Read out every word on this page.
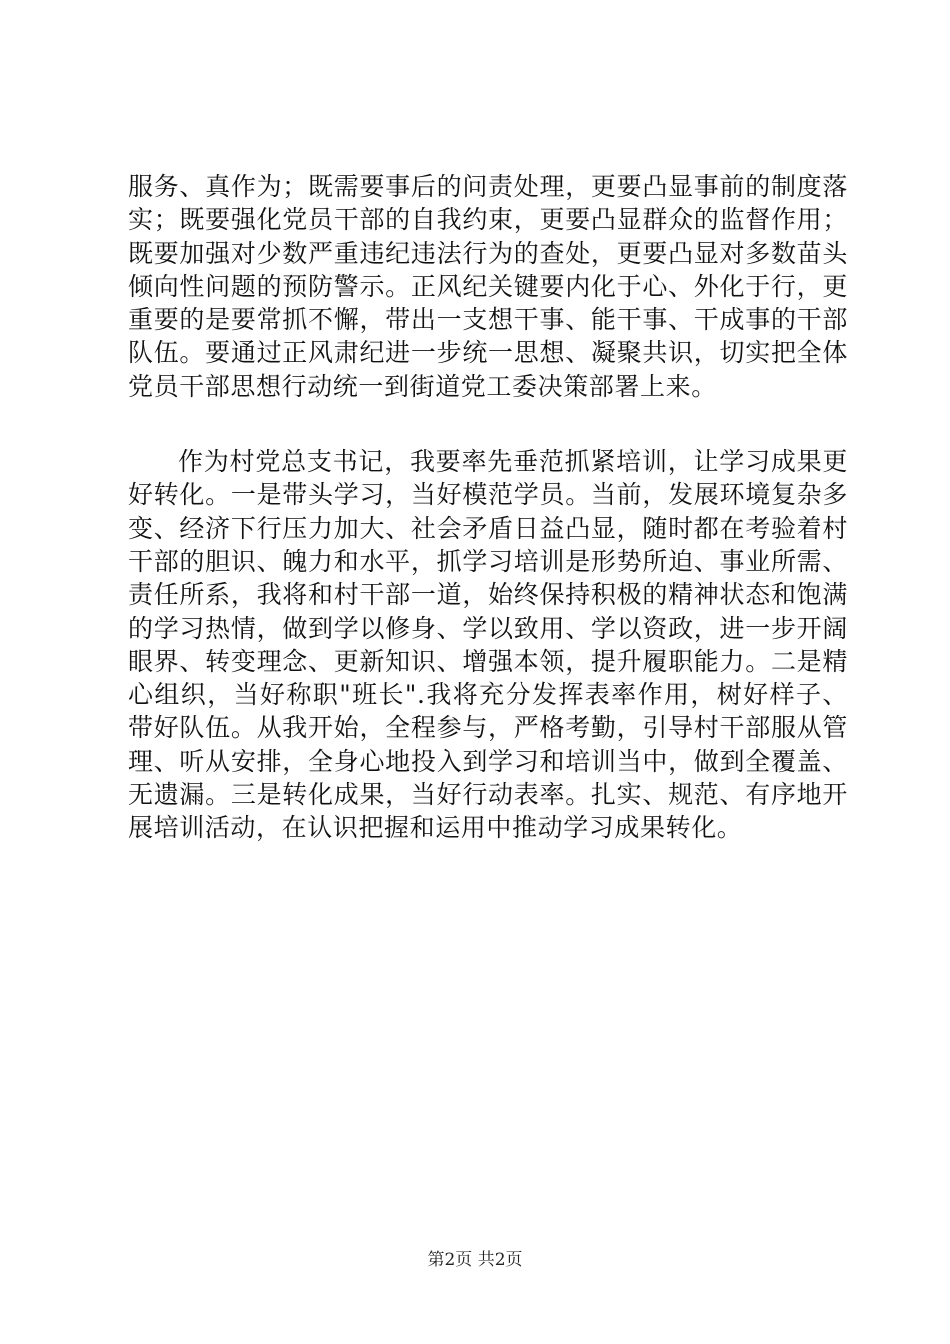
服务、真作为；既需要事后的问责处理，更要凸显事前的制度落实；既要强化党员干部的自我约束，更要凸显群众的监督作用；既要加强对少数严重违纪违法行为的查处，更要凸显对多数苗头倾向性问题的预防警示。正风纪关键要内化于心、外化于行，更重要的是要常抓不懈，带出一支想干事、能干事、干成事的干部队伍。要通过正风肃纪进一步统一思想、凝聚共识，切实把全体党员干部思想行动统一到街道党工委决策部署上来。

作为村党总支书记，我要率先垂范抓紧培训，让学习成果更好转化。一是带头学习，当好模范学员。当前，发展环境复杂多变、经济下行压力加大、社会矛盾日益凸显，随时都在考验着村干部的胆识、魄力和水平，抓学习培训是形势所迫、事业所需、责任所系，我将和村干部一道，始终保持积极的精神状态和饱满的学习热情，做到学以修身、学以致用、学以资政，进一步开阔眼界、转变理念、更新知识、增强本领，提升履职能力。二是精心组织，当好称职"班长".我将充分发挥表率作用，树好样子、带好队伍。从我开始，全程参与，严格考勤，引导村干部服从管理、听从安排，全身心地投入到学习和培训当中，做到全覆盖、无遗漏。三是转化成果，当好行动表率。扎实、规范、有序地开展培训活动，在认识把握和运用中推动学习成果转化。

第2页 共2页
